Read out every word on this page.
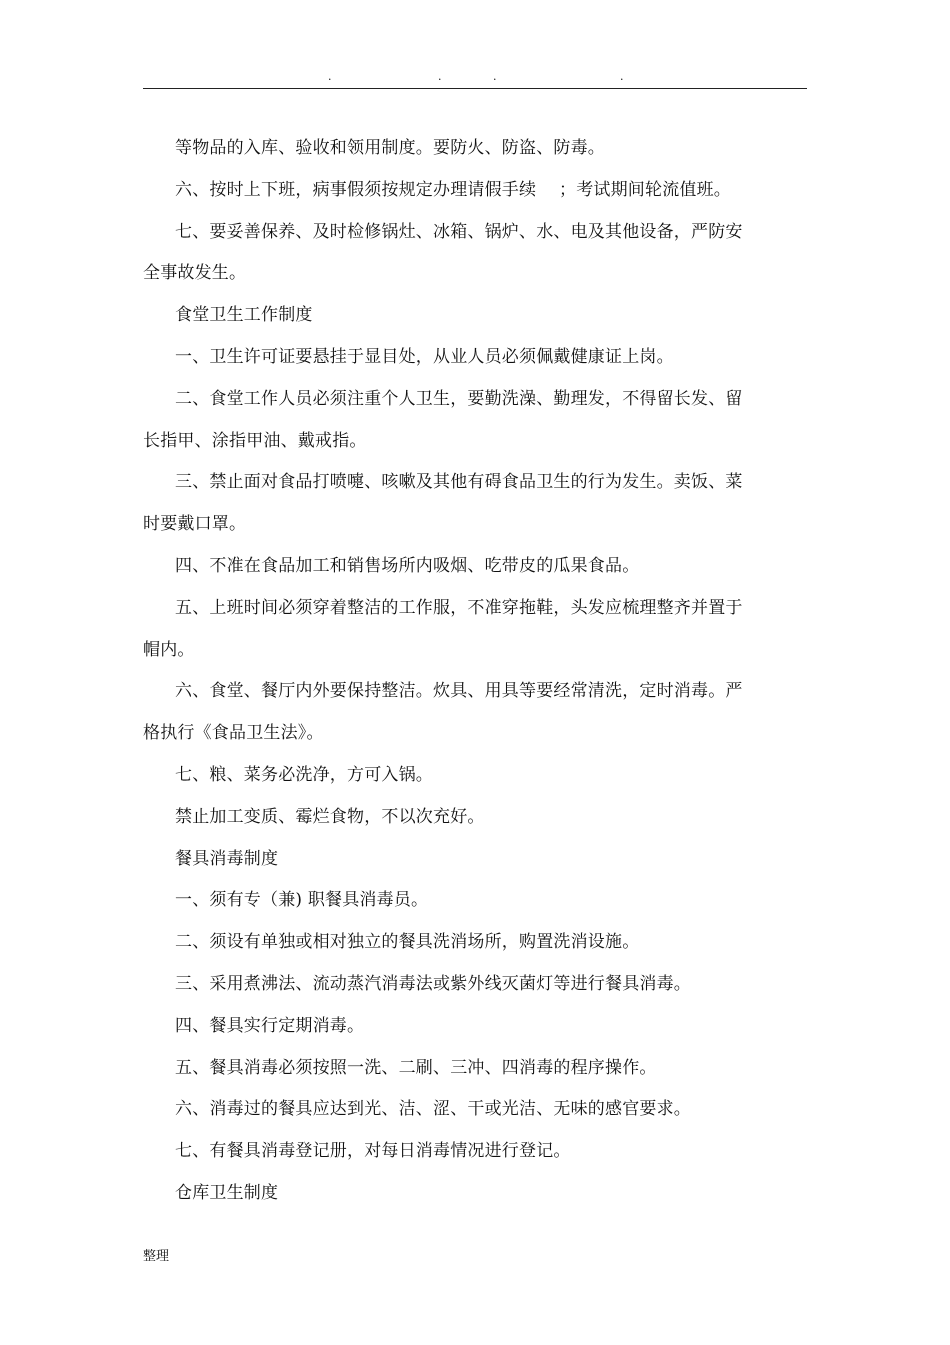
.	.	.	.
等物品的入库、验收和领用制度。要防火、防盗、防毒。
六、按时上下班，病事假须按规定办理请假手续　 ；考试期间轮流值班。
七、要妥善保养、及时检修锅灶、冰箱、锅炉、水、电及其他设备，严防安
全事故发生。
食堂卫生工作制度
一、卫生许可证要悬挂于显目处，从业人员必须佩戴健康证上岗。
二、食堂工作人员必须注重个人卫生，要勤洗澡、勤理发，不得留长发、留
长指甲、涂指甲油、戴戒指。
三、禁止面对食品打喷嚏、咳嗽及其他有碍食品卫生的行为发生。卖饭、菜
时要戴口罩。
四、不准在食品加工和销售场所内吸烟、吃带皮的瓜果食品。
五、上班时间必须穿着整洁的工作服，不准穿拖鞋，头发应梳理整齐并置于
帽内。
六、食堂、餐厅内外要保持整洁。炊具、用具等要经常清洗，定时消毒。严
格执行《食品卫生法》。
七、粮、菜务必洗净，方可入锅。
禁止加工变质、霉烂食物，不以次充好。
餐具消毒制度
一、须有专（兼) 职餐具消毒员。
二、须设有单独或相对独立的餐具洗消场所，购置洗消设施。
三、采用煮沸法、流动蒸汽消毒法或紫外线灭菌灯等进行餐具消毒。
四、餐具实行定期消毒。
五、餐具消毒必须按照一洗、二刷、三冲、四消毒的程序操作。
六、消毒过的餐具应达到光、洁、涩、干或光洁、无味的感官要求。
七、有餐具消毒登记册，对每日消毒情况进行登记。
仓库卫生制度
整理
